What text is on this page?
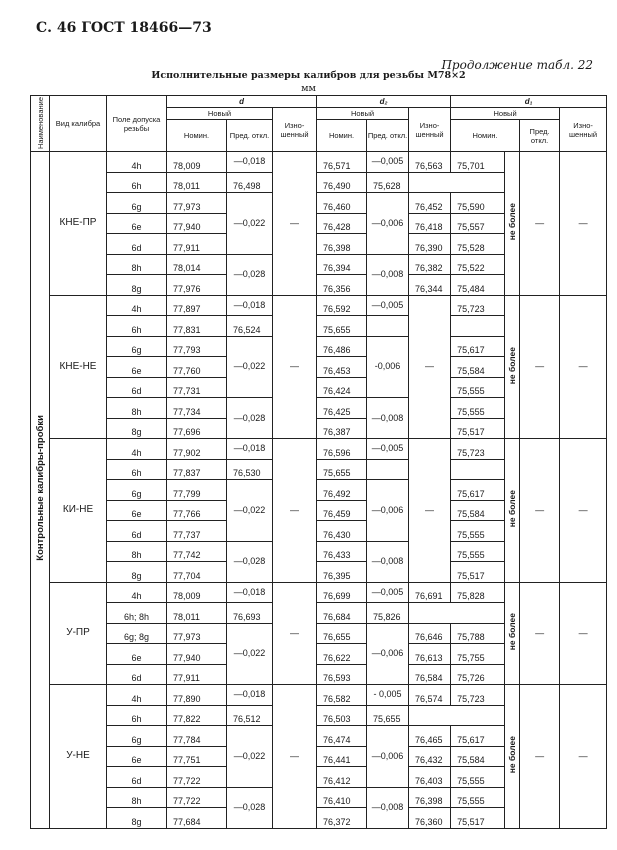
С. 46 ГОСТ 18466—73
Продолжение табл. 22
Исполнительные размеры калибров для резьбы М78×2
мм
Наименование	Вид калибра	Поле допуска резьбы	d			d₂			d₁			
			Новый		Изно-шенный	Новый		Изно-шенный	Новый			Изно-шенный
			Номин.	Пред. откл.		Номин.	Пред. откл.		Номин.		Пред. откл.	
Контрольные калибры-пробки	КНЕ-ПР	4h	78,009	—0,018	—	76,571	—0,005	76,563	75,701	не более	—	—
		6h	78,011	76,498		76,490	75,628					
		6g	77,973	—0,022		76,460	—0,006	76,452	75,590			
		6e	77,940			76,428		76,418	75,557			
		6d	77,911			76,398		76,390	75,528			
		8h	78,014	—0,028		76,394	—0,008	76,382	75,522			
		8g	77,976			76,356		76,344	75,484			
	КНЕ-НЕ	4h	77,897	—0,018	—	76,592	—0,005	—	75,723	не более	—	—
		6h	77,831	76,524		75,655						
		6g	77,793	—0,022		76,486	-0,006		75,617			
		6e	77,760			76,453			75,584			
		6d	77,731			76,424			75,555			
		8h	77,734	—0,028		76,425	—0,008		75,555			
		8g	77,696			76,387			75,517			
	КИ-НЕ	4h	77,902	—0,018	—	76,596	—0,005	—	75,723	не более	—	—
		6h	77,837	76,530		75,655						
		6g	77,799	—0,022		76,492	—0,006		75,617			
		6e	77,766			76,459			75,584			
		6d	77,737			76,430			75,555			
		8h	77,742	—0,028		76,433	—0,008		75,555			
		8g	77,704			76,395			75,517			
	У-ПР	4h	78,009	—0,018	—	76,699	—0,005	76,691	75,828	не более	—	—
		6h; 8h	78,011	76,693		76,684	75,826					
		6g; 8g	77,973	—0,022		76,655	—0,006	76,646	75,788			
		6e	77,940			76,622		76,613	75,755			
		6d	77,911			76,593		76,584	75,726			
	У-НЕ	4h	77,890	—0,018	—	76,582	- 0,005	76,574	75,723	не более	—	—
		6h	77,822	76,512		76,503	75,655					
		6g	77,784	—0,022		76,474	—0,006	76,465	75,617			
		6e	77,751			76,441		76,432	75,584			
		6d	77,722			76,412		76,403	75,555			
		8h	77,722	—0,028		76,410	—0,008	76,398	75,555			
		8g	77,684			76,372		76,360	75,517			
